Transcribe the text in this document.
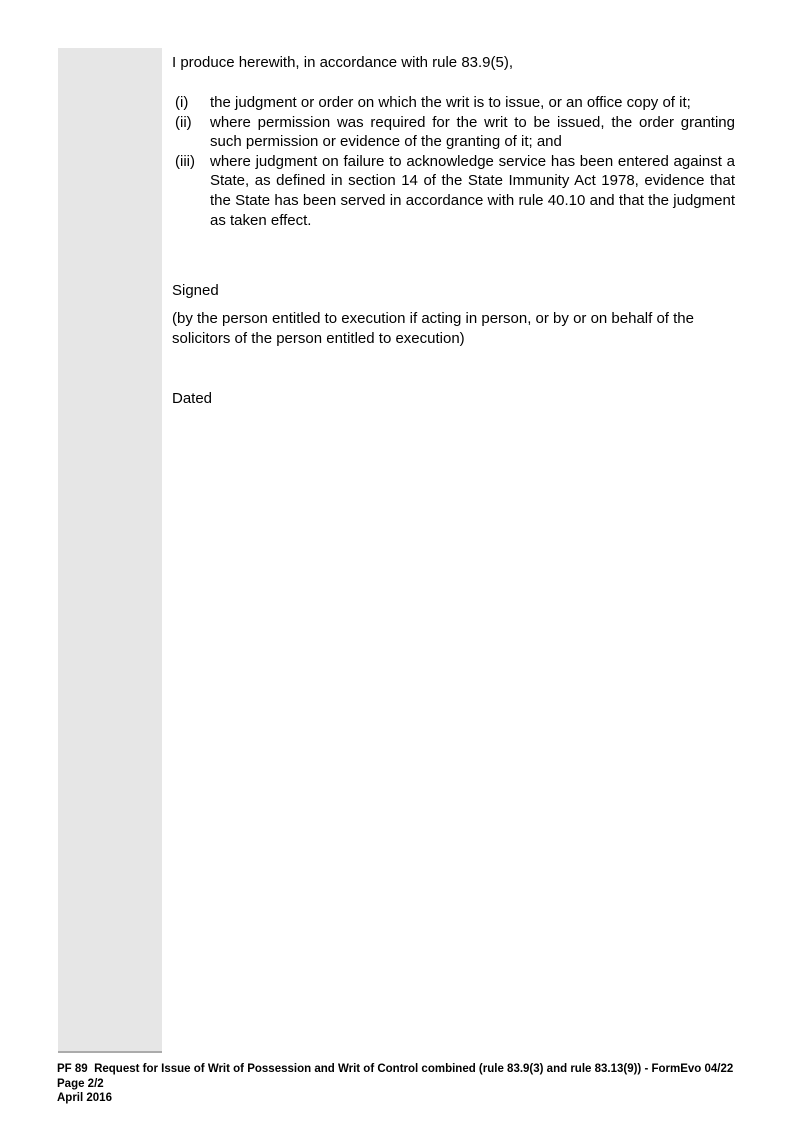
I produce herewith, in accordance with rule 83.9(5),

(i)	the judgment or order on which the writ is to issue, or an office copy of it;
(ii)	where permission was required for the writ to be issued, the order granting such permission or evidence of the granting of it; and
(iii)	where judgment on failure to acknowledge service has been entered against a State, as defined in section 14 of the State Immunity Act 1978, evidence that the State has been served in accordance with rule 40.10 and that the judgment as taken effect.

Signed

(by the person entitled to execution if acting in person, or by or on behalf of the solicitors of the person entitled to execution)

Dated

PF 89  Request for Issue of Writ of Possession and Writ of Control combined (rule 83.9(3) and rule 83.13(9)) - FormEvo 04/22 Page 2/2
April 2016
